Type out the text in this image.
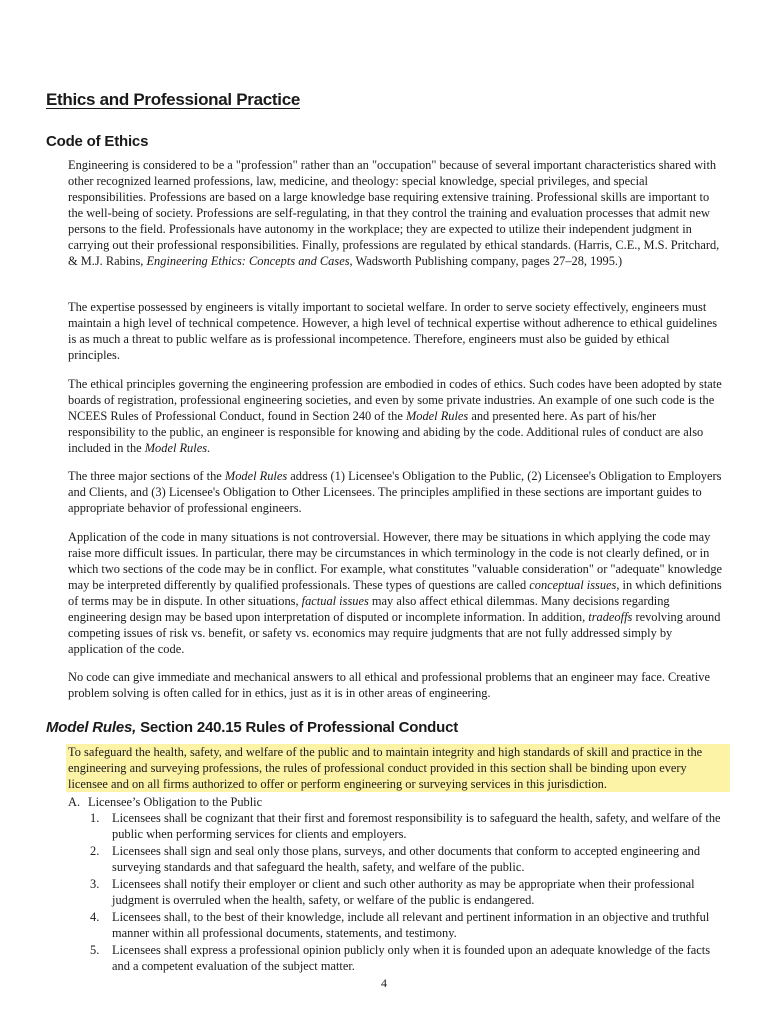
Ethics and Professional Practice
Code of Ethics

Engineering is considered to be a "profession" rather than an "occupation" because of several important characteristics shared with other recognized learned professions, law, medicine, and theology: special knowledge, special privileges, and special responsibilities. Professions are based on a large knowledge base requiring extensive training. Professional skills are important to the well-being of society. Professions are self-regulating, in that they control the training and evaluation processes that admit new persons to the field. Professionals have autonomy in the workplace; they are expected to utilize their independent judgment in carrying out their professional responsibilities. Finally, professions are regulated by ethical standards. (Harris, C.E., M.S. Pritchard, & M.J. Rabins, Engineering Ethics: Concepts and Cases, Wadsworth Publishing company, pages 27–28, 1995.)

The expertise possessed by engineers is vitally important to societal welfare. In order to serve society effectively, engineers must maintain a high level of technical competence. However, a high level of technical expertise without adherence to ethical guidelines is as much a threat to public welfare as is professional incompetence. Therefore, engineers must also be guided by ethical principles.

The ethical principles governing the engineering profession are embodied in codes of ethics. Such codes have been adopted by state boards of registration, professional engineering societies, and even by some private industries. An example of one such code is the NCEES Rules of Professional Conduct, found in Section 240 of the Model Rules and presented here. As part of his/her responsibility to the public, an engineer is responsible for knowing and abiding by the code. Additional rules of conduct are also included in the Model Rules.

The three major sections of the Model Rules address (1) Licensee's Obligation to the Public, (2) Licensee's Obligation to Employers and Clients, and (3) Licensee's Obligation to Other Licensees. The principles amplified in these sections are important guides to appropriate behavior of professional engineers.

Application of the code in many situations is not controversial. However, there may be situations in which applying the code may raise more difficult issues. In particular, there may be circumstances in which terminology in the code is not clearly defined, or in which two sections of the code may be in conflict. For example, what constitutes "valuable consideration" or "adequate" knowledge may be interpreted differently by qualified professionals. These types of questions are called conceptual issues, in which definitions of terms may be in dispute. In other situations, factual issues may also affect ethical dilemmas. Many decisions regarding engineering design may be based upon interpretation of disputed or incomplete information. In addition, tradeoffs revolving around competing issues of risk vs. benefit, or safety vs. economics may require judgments that are not fully addressed simply by application of the code.

No code can give immediate and mechanical answers to all ethical and professional problems that an engineer may face. Creative problem solving is often called for in ethics, just as it is in other areas of engineering.

Model Rules, Section 240.15 Rules of Professional Conduct

To safeguard the health, safety, and welfare of the public and to maintain integrity and high standards of skill and practice in the engineering and surveying professions, the rules of professional conduct provided in this section shall be binding upon every licensee and on all firms authorized to offer or perform engineering or surveying services in this jurisdiction.

A. Licensee’s Obligation to the Public

1.	Licensees shall be cognizant that their first and foremost responsibility is to safeguard the health, safety, and welfare of the public when performing services for clients and employers.
2.	Licensees shall sign and seal only those plans, surveys, and other documents that conform to accepted engineering and surveying standards and that safeguard the health, safety, and welfare of the public.
3.	Licensees shall notify their employer or client and such other authority as may be appropriate when their professional judgment is overruled when the health, safety, or welfare of the public is endangered.
4.	Licensees shall, to the best of their knowledge, include all relevant and pertinent information in an objective and truthful manner within all professional documents, statements, and testimony.
5.	Licensees shall express a professional opinion publicly only when it is founded upon an adequate knowledge of the facts and a competent evaluation of the subject matter.
4
